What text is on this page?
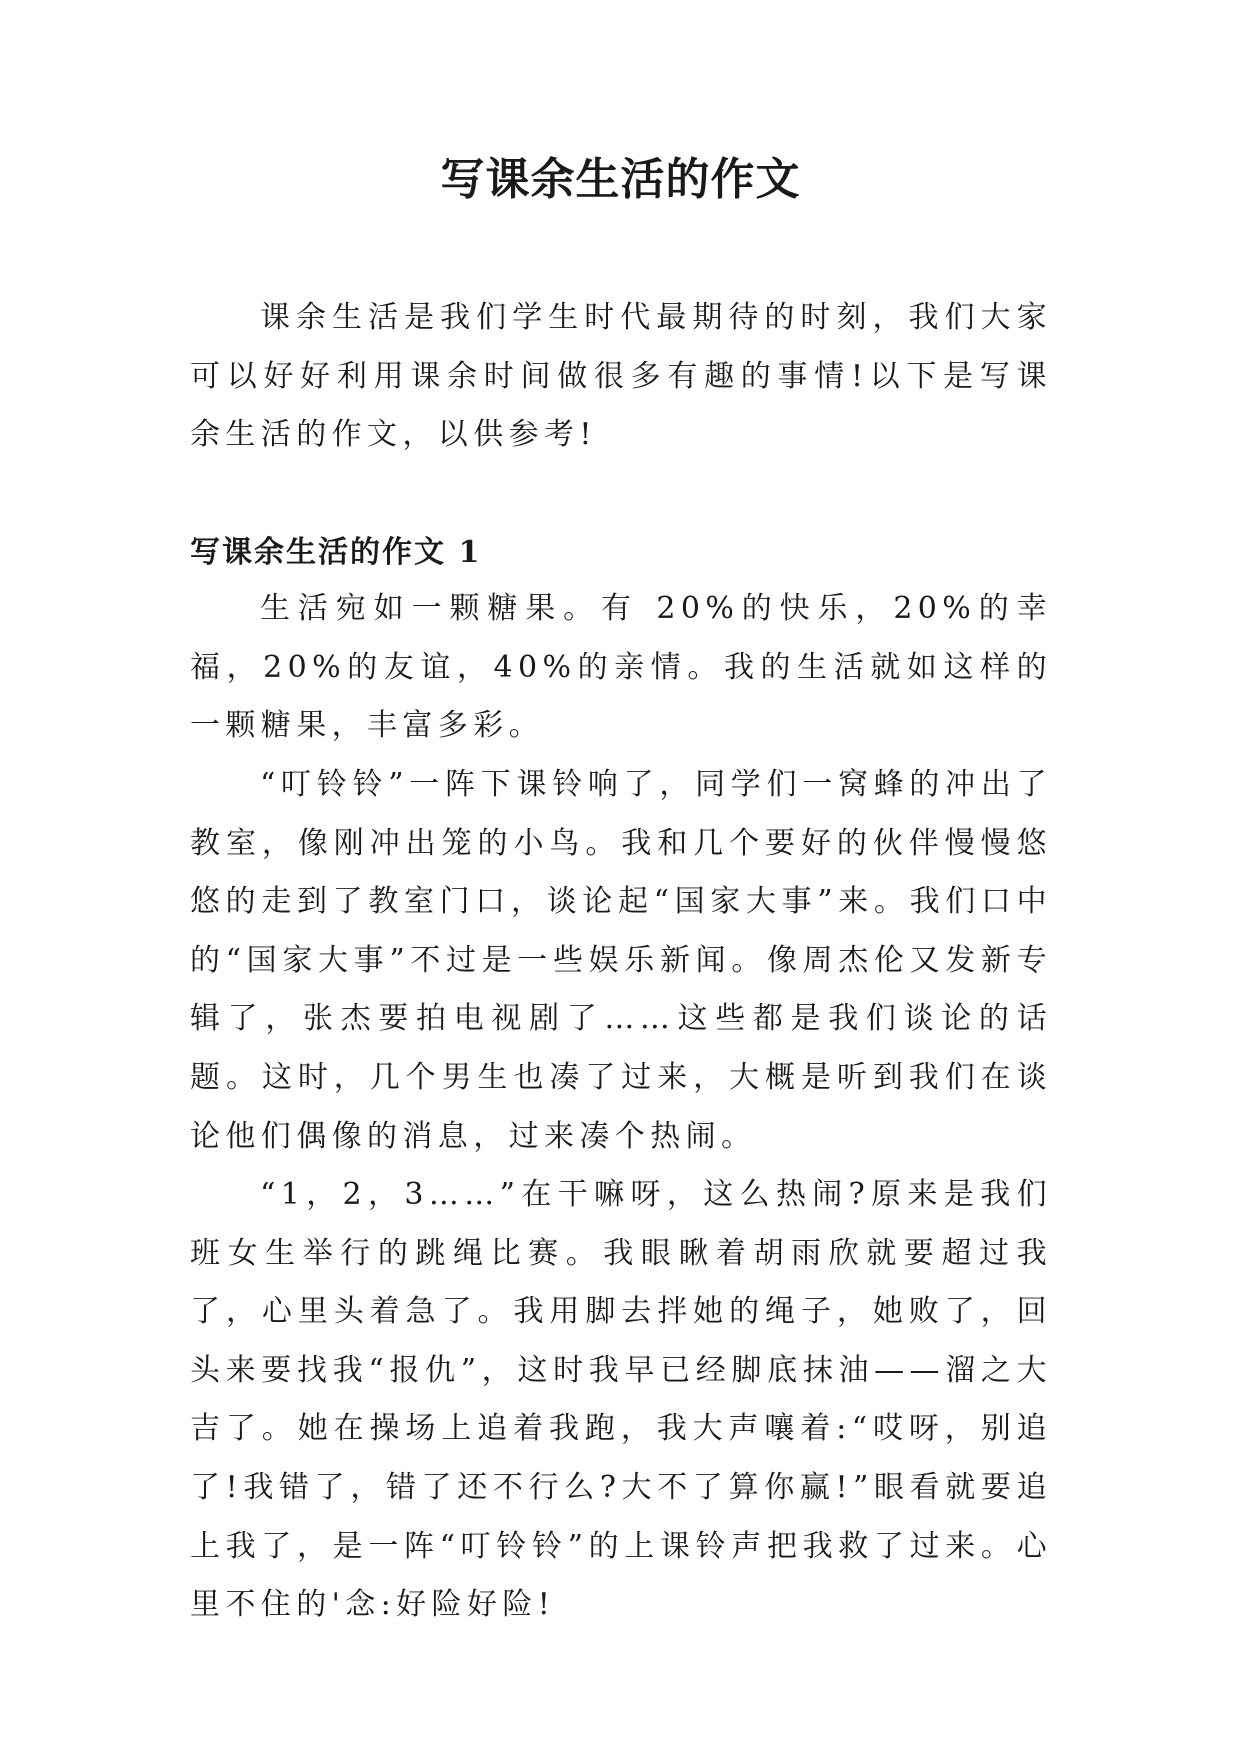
写课余生活的作文

课余生活是我们学生时代最期待的时刻，我们大家可以好好利用课余时间做很多有趣的事情!以下是写课余生活的作文，以供参考!

写课余生活的作文 1

生活宛如一颗糖果。有 20%的快乐，20%的幸福，20%的友谊，40%的亲情。我的生活就如这样的一颗糖果，丰富多彩。

“叮铃铃”一阵下课铃响了，同学们一窝蜂的冲出了教室，像刚冲出笼的小鸟。我和几个要好的伙伴慢慢悠悠的走到了教室门口，谈论起“国家大事”来。我们口中的“国家大事”不过是一些娱乐新闻。像周杰伦又发新专辑了，张杰要拍电视剧了……这些都是我们谈论的话题。这时，几个男生也凑了过来，大概是听到我们在谈论他们偶像的消息，过来凑个热闹。

“1，2，3……”在干嘛呀，这么热闹?原来是我们班女生举行的跳绳比赛。我眼瞅着胡雨欣就要超过我了，心里头着急了。我用脚去拌她的绳子，她败了，回头来要找我“报仇”，这时我早已经脚底抹油——溜之大吉了。她在操场上追着我跑，我大声嚷着:“哎呀，别追了!我错了，错了还不行么?大不了算你赢!”眼看就要追上我了，是一阵“叮铃铃”的上课铃声把我救了过来。心里不住的'念:好险好险!
